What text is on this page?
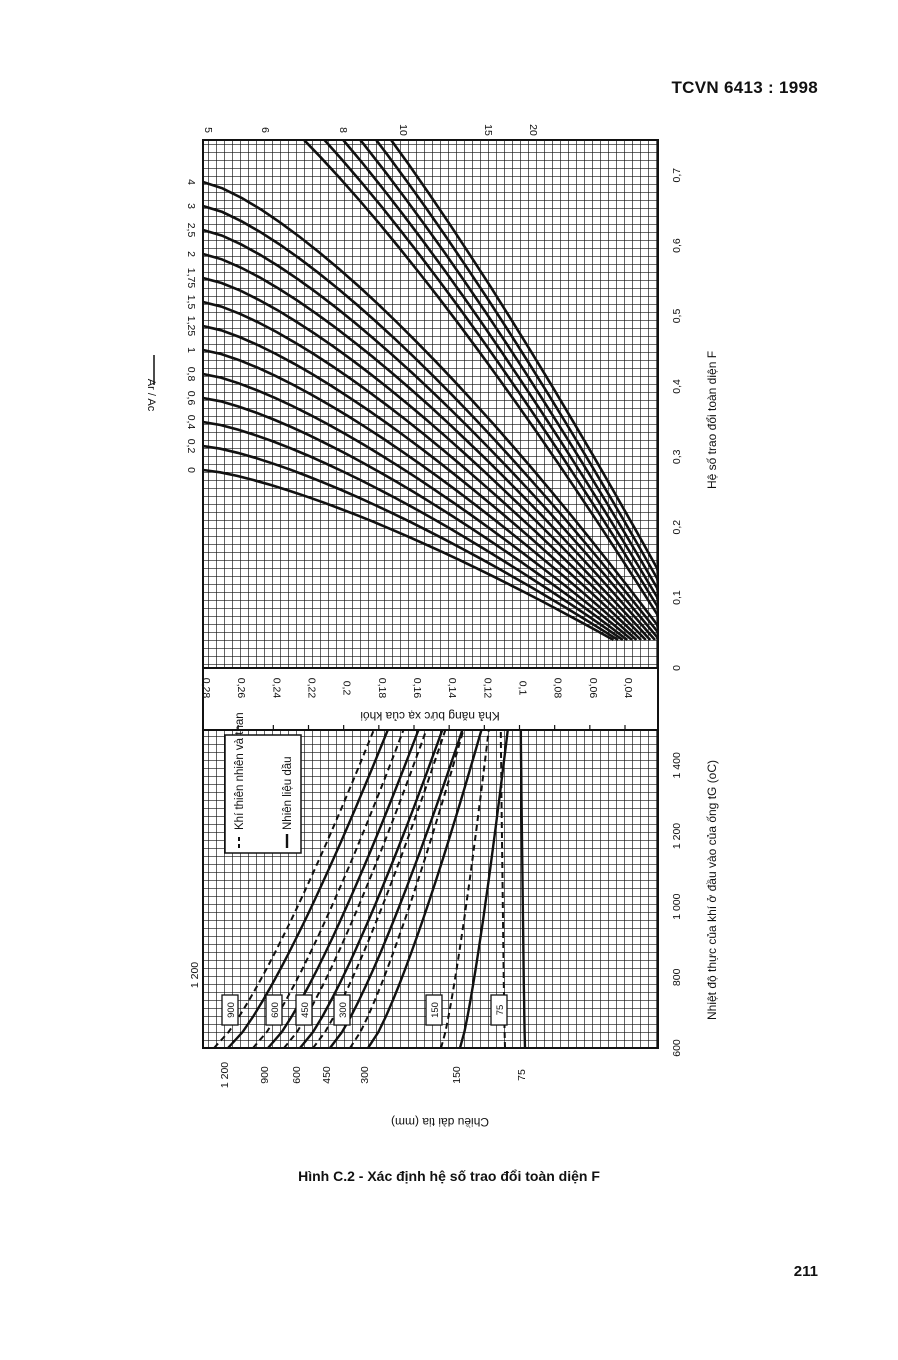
TCVN 6413 : 1998
0,04
0,06
0,08
0,1
0,12
0,14
0,16
0,18
0,2
0,22
0,24
0,26
0,28
Khả năng bức xạ của khói
Khí thiên nhiên và than	Nhiên liệu dầu
600
800
1 000
1 200
1 400
0
0,1
0,2
0,3
0,4
0,5
0,6
0,7
1 200	900 600 450 300	150	75
900	600 450	300	150	75
0
0,2
0,4
0,6
0,8
1
1,25
1,5
1,75
2
2,5
3
4
5	6	8	10	15	20
Nhiệt độ thực của khí ở đầu vào của ống tG (oC)
Hệ số trao đổi toàn diện F
Chiều dài tia (mm)
Ar / Ac
1 200
Hình C.2 - Xác định hệ số trao đổi toàn diện F
211
